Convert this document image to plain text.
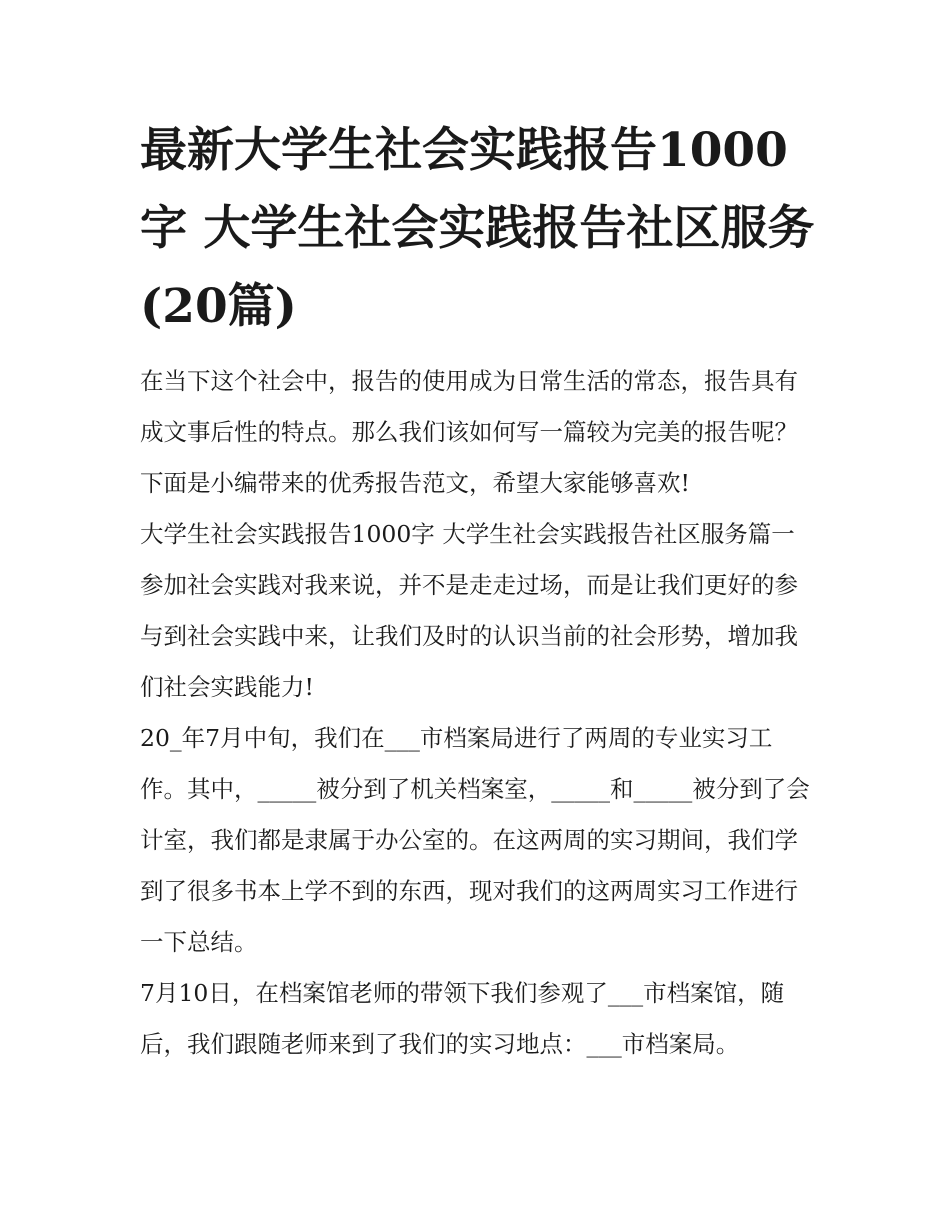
最新大学生社会实践报告1000字 大学生社会实践报告社区服务(20篇)

在当下这个社会中，报告的使用成为日常生活的常态，报告具有成文事后性的特点。那么我们该如何写一篇较为完美的报告呢？下面是小编带来的优秀报告范文，希望大家能够喜欢!

大学生社会实践报告1000字 大学生社会实践报告社区服务篇一

参加社会实践对我来说，并不是走走过场，而是让我们更好的参与到社会实践中来，让我们及时的认识当前的社会形势，增加我们社会实践能力!

20_年7月中旬，我们在___市档案局进行了两周的专业实习工作。其中，_____被分到了机关档案室，_____和_____被分到了会计室，我们都是隶属于办公室的。在这两周的实习期间，我们学到了很多书本上学不到的东西，现对我们的这两周实习工作进行一下总结。

7月10日，在档案馆老师的带领下我们参观了___市档案馆，随后，我们跟随老师来到了我们的实习地点：___市档案局。
